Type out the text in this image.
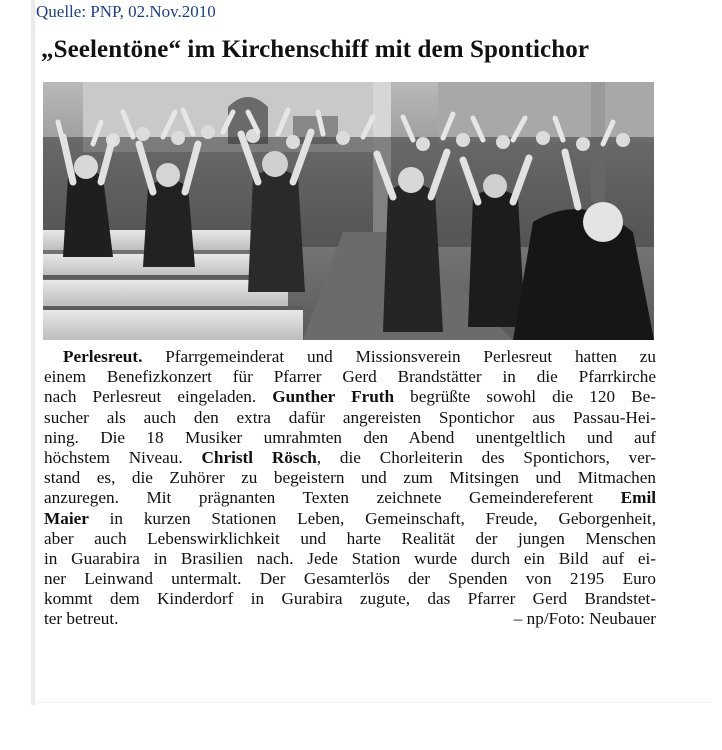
Quelle: PNP, 02.Nov.2010
„Seelentöne“ im Kirchenschiff mit dem Spontichor
Perlesreut. Pfarrgemeinderat und Missionsverein Perlesreut hatten zu
einem Benefizkonzert für Pfarrer Gerd Brandstätter in die Pfarrkirche
nach Perlesreut eingeladen. Gunther Fruth begrüßte sowohl die 120 Be-
sucher als auch den extra dafür angereisten Spontichor aus Passau-Hei-
ning. Die 18 Musiker umrahmten den Abend unentgeltlich und auf
höchstem Niveau. Christl Rösch, die Chorleiterin des Spontichors, ver-
stand es, die Zuhörer zu begeistern und zum Mitsingen und Mitmachen
anzuregen. Mit prägnanten Texten zeichnete Gemeindereferent Emil
Maier in kurzen Stationen Leben, Gemeinschaft, Freude, Geborgenheit,
aber auch Lebenswirklichkeit und harte Realität der jungen Menschen
in Guarabira in Brasilien nach. Jede Station wurde durch ein Bild auf ei-
ner Leinwand untermalt. Der Gesamterlös der Spenden von 2195 Euro
kommt dem Kinderdorf in Gurabira zugute, das Pfarrer Gerd Brandstet-
ter betreut.	– np/Foto: Neubauer
